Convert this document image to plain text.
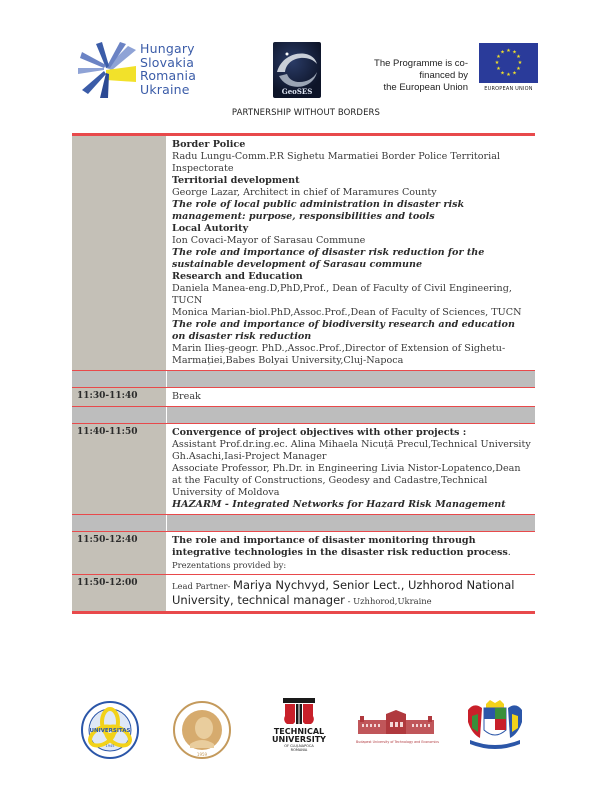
Hungary
Slovakia
Romania
Ukraine	GeoSES
The Programme is co-financed by
the European Union
★ ★
★
★
★
★
★
★
★
★
★
★
EUROPEAN UNION
PARTNERSHIP WITHOUT BORDERS

Border Police

Radu Lungu-Comm.P.R Sighetu Marmatiei Border Police Territorial Inspectorate

Territorial development

George Lazar, Architect in chief of Maramures County

The role of local public administration in disaster risk management: purpose, responsibilities and tools

Local Autority

Ion Covaci-Mayor of Sarasau Commune

The role and importance of disaster risk reduction for the sustainable development of Sarasau commune

Research and Education

Daniela Manea-eng.D,PhD,Prof., Dean of Faculty of Civil Engineering, TUCN

Monica Marian-biol.PhD,Assoc.Prof.,Dean of Faculty of Sciences, TUCN

The role and importance of biodiversity research and education on disaster risk reduction

Marin Ilieș-geogr. PhD.,Assoc.Prof.,Director of Extension of Sighetu-Marmației,Babes Bolyai University,Cluj-Napoca

11:30-11:40	Break

11:40-11:50	Convergence of project objectives with other projects :

Assistant Prof.dr.ing.ec. Alina Mihaela Nicuță Precul,Technical University Gh.Asachi,Iasi-Project Manager

Associate Professor, Ph.Dr. in Engineering Livia Nistor-Lopatenco,Dean at the Faculty of Constructions, Geodesy and Cadastre,Technical University of Moldova

HAZARM - Integrated Networks for Hazard Risk Management

11:50-12:40	The role and importance of disaster monitoring through integrative technologies in the disaster risk reduction process.

Prezentations provided by:

11:50-12:00	Lead Partner- Mariya Nychvyd, Senior Lect., Uzhhorod National University, technical manager - Uzhhorod,Ukraine

UNIVERSITAS
1945
1959
TECHNICAL
UNIVERSITY
OF CLUJ-NAPOCA
ROMANIA
Budapest University of Technology and Economics
